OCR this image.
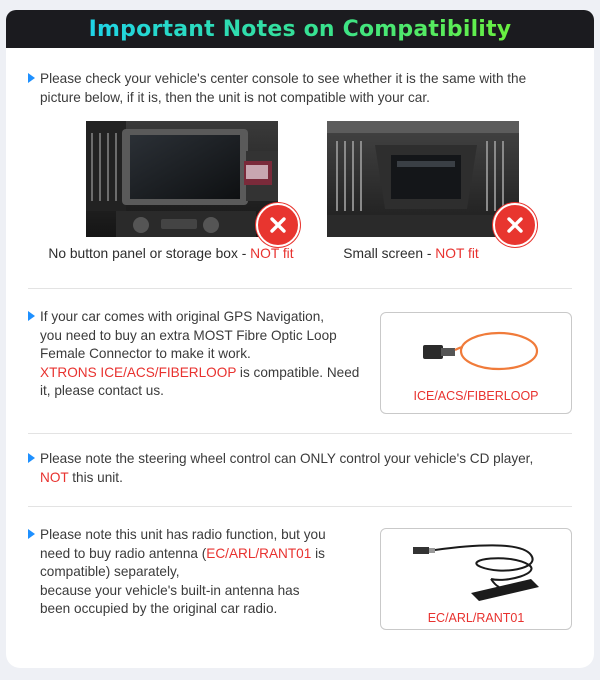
Important Notes on Compatibility
Please check your vehicle's center console to see whether it is the same with the
picture below, if it is, then the unit is not compatible with your car.
No button panel or storage box - NOT fit	Small screen - NOT fit
If your car comes with original GPS Navigation,
you need to buy an extra MOST Fibre Optic Loop
Female Connector to make it work.
XTRONS ICE/ACS/FIBERLOOP is compatible. Need
it, please contact us.	ICE/ACS/FIBERLOOP
Please note the steering wheel control can ONLY control your vehicle's CD player,
NOT this unit.
Please note this unit has radio function, but you
need to buy radio antenna (EC/ARL/RANT01 is
compatible) separately,
because your vehicle's built-in antenna has
been occupied by the original car radio.
EC/ARL/RANT01
